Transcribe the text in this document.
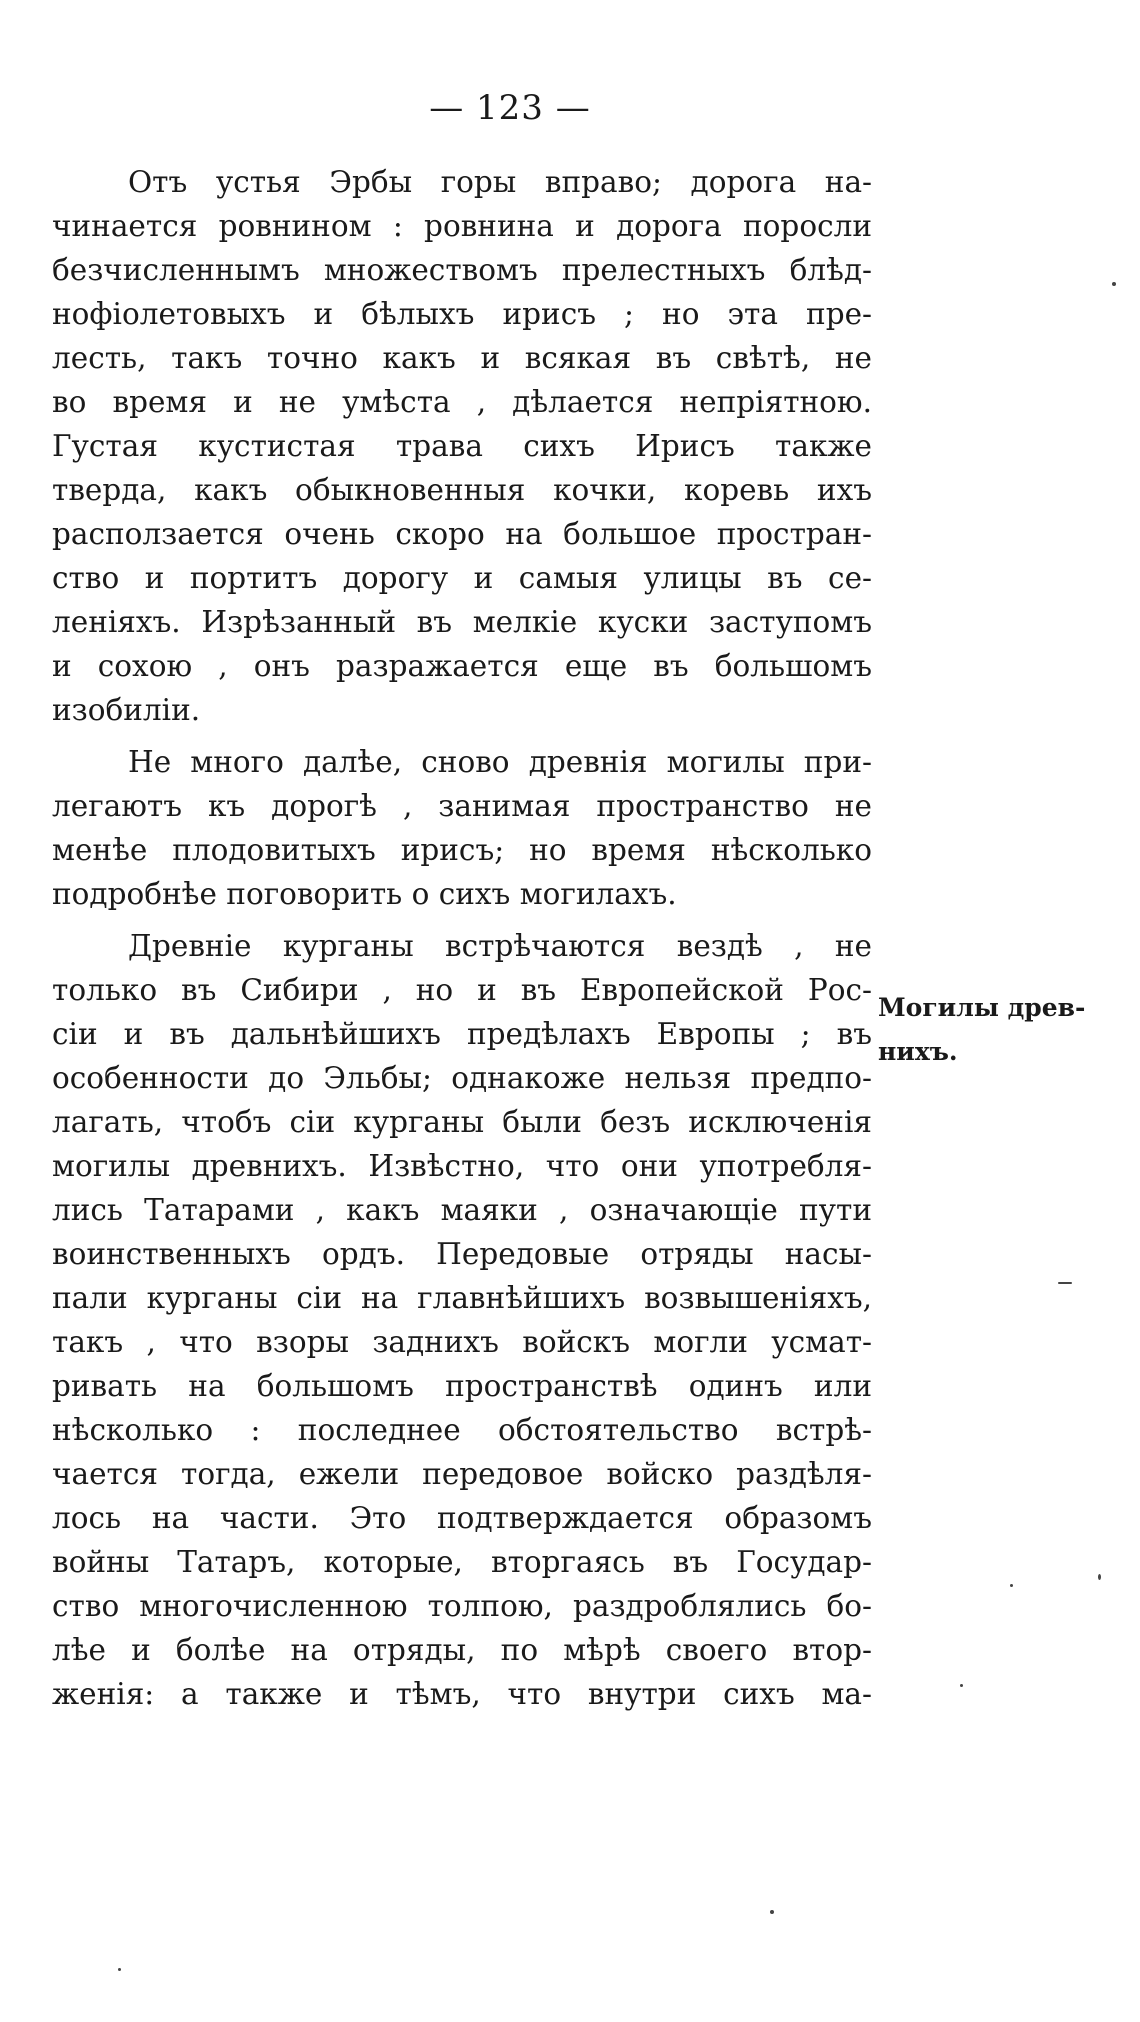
— 123 —
Отъ устья Эрбы горы вправо; дорога на-
чинается ровнином : ровнина и дорога поросли
безчисленнымъ множествомъ прелестныхъ блѣд-
нофіолетовыхъ и бѣлыхъ ирисъ ; но эта пре-
лесть, такъ точно какъ и всякая въ свѣтѣ, не
во время и не умѣста , дѣлается непріятною.
Густая кустистая трава сихъ Ирисъ также
тверда, какъ обыкновенныя кочки, коревь ихъ
расползается очень скоро на большое простран-
ство и портитъ дорогу и самыя улицы въ се-
леніяхъ. Изрѣзанный въ мелкіе куски заступомъ
и сохою , онъ разражается еще въ большомъ
изобиліи.
Не много далѣе, сново древнія могилы при-
легаютъ къ дорогѣ , занимая пространство не
менѣе плодовитыхъ ирисъ; но время нѣсколько
подробнѣе поговорить о сихъ могилахъ.
Древніе курганы встрѣчаются вездѣ , не
только въ Сибири , но и въ Европейской Рос-
сіи и въ дальнѣйшихъ предѣлахъ Европы ; въ
особенности до Эльбы; однакоже нельзя предпо-
лагать, чтобъ сіи курганы были безъ исключенія
могилы древнихъ. Извѣстно, что они употребля-
лись Татарами , какъ маяки , означающіе пути
воинственныхъ ордъ. Передовые отряды насы-
пали курганы сіи на главнѣйшихъ возвышеніяхъ,
такъ , что взоры заднихъ войскъ могли усмат-
ривать на большомъ пространствѣ одинъ или
нѣсколько : последнее обстоятельство встрѣ-
чается тогда, ежели передовое войско раздѣля-
лось на части. Это подтверждается образомъ
войны Татаръ, которые, вторгаясь въ Государ-
ство многочисленною толпою, раздроблялись бо-
лѣе и болѣе на отряды, по мѣрѣ своего втор-
женія: а также и тѣмъ, что внутри сихъ ма-
Могилы древ-
нихъ.
